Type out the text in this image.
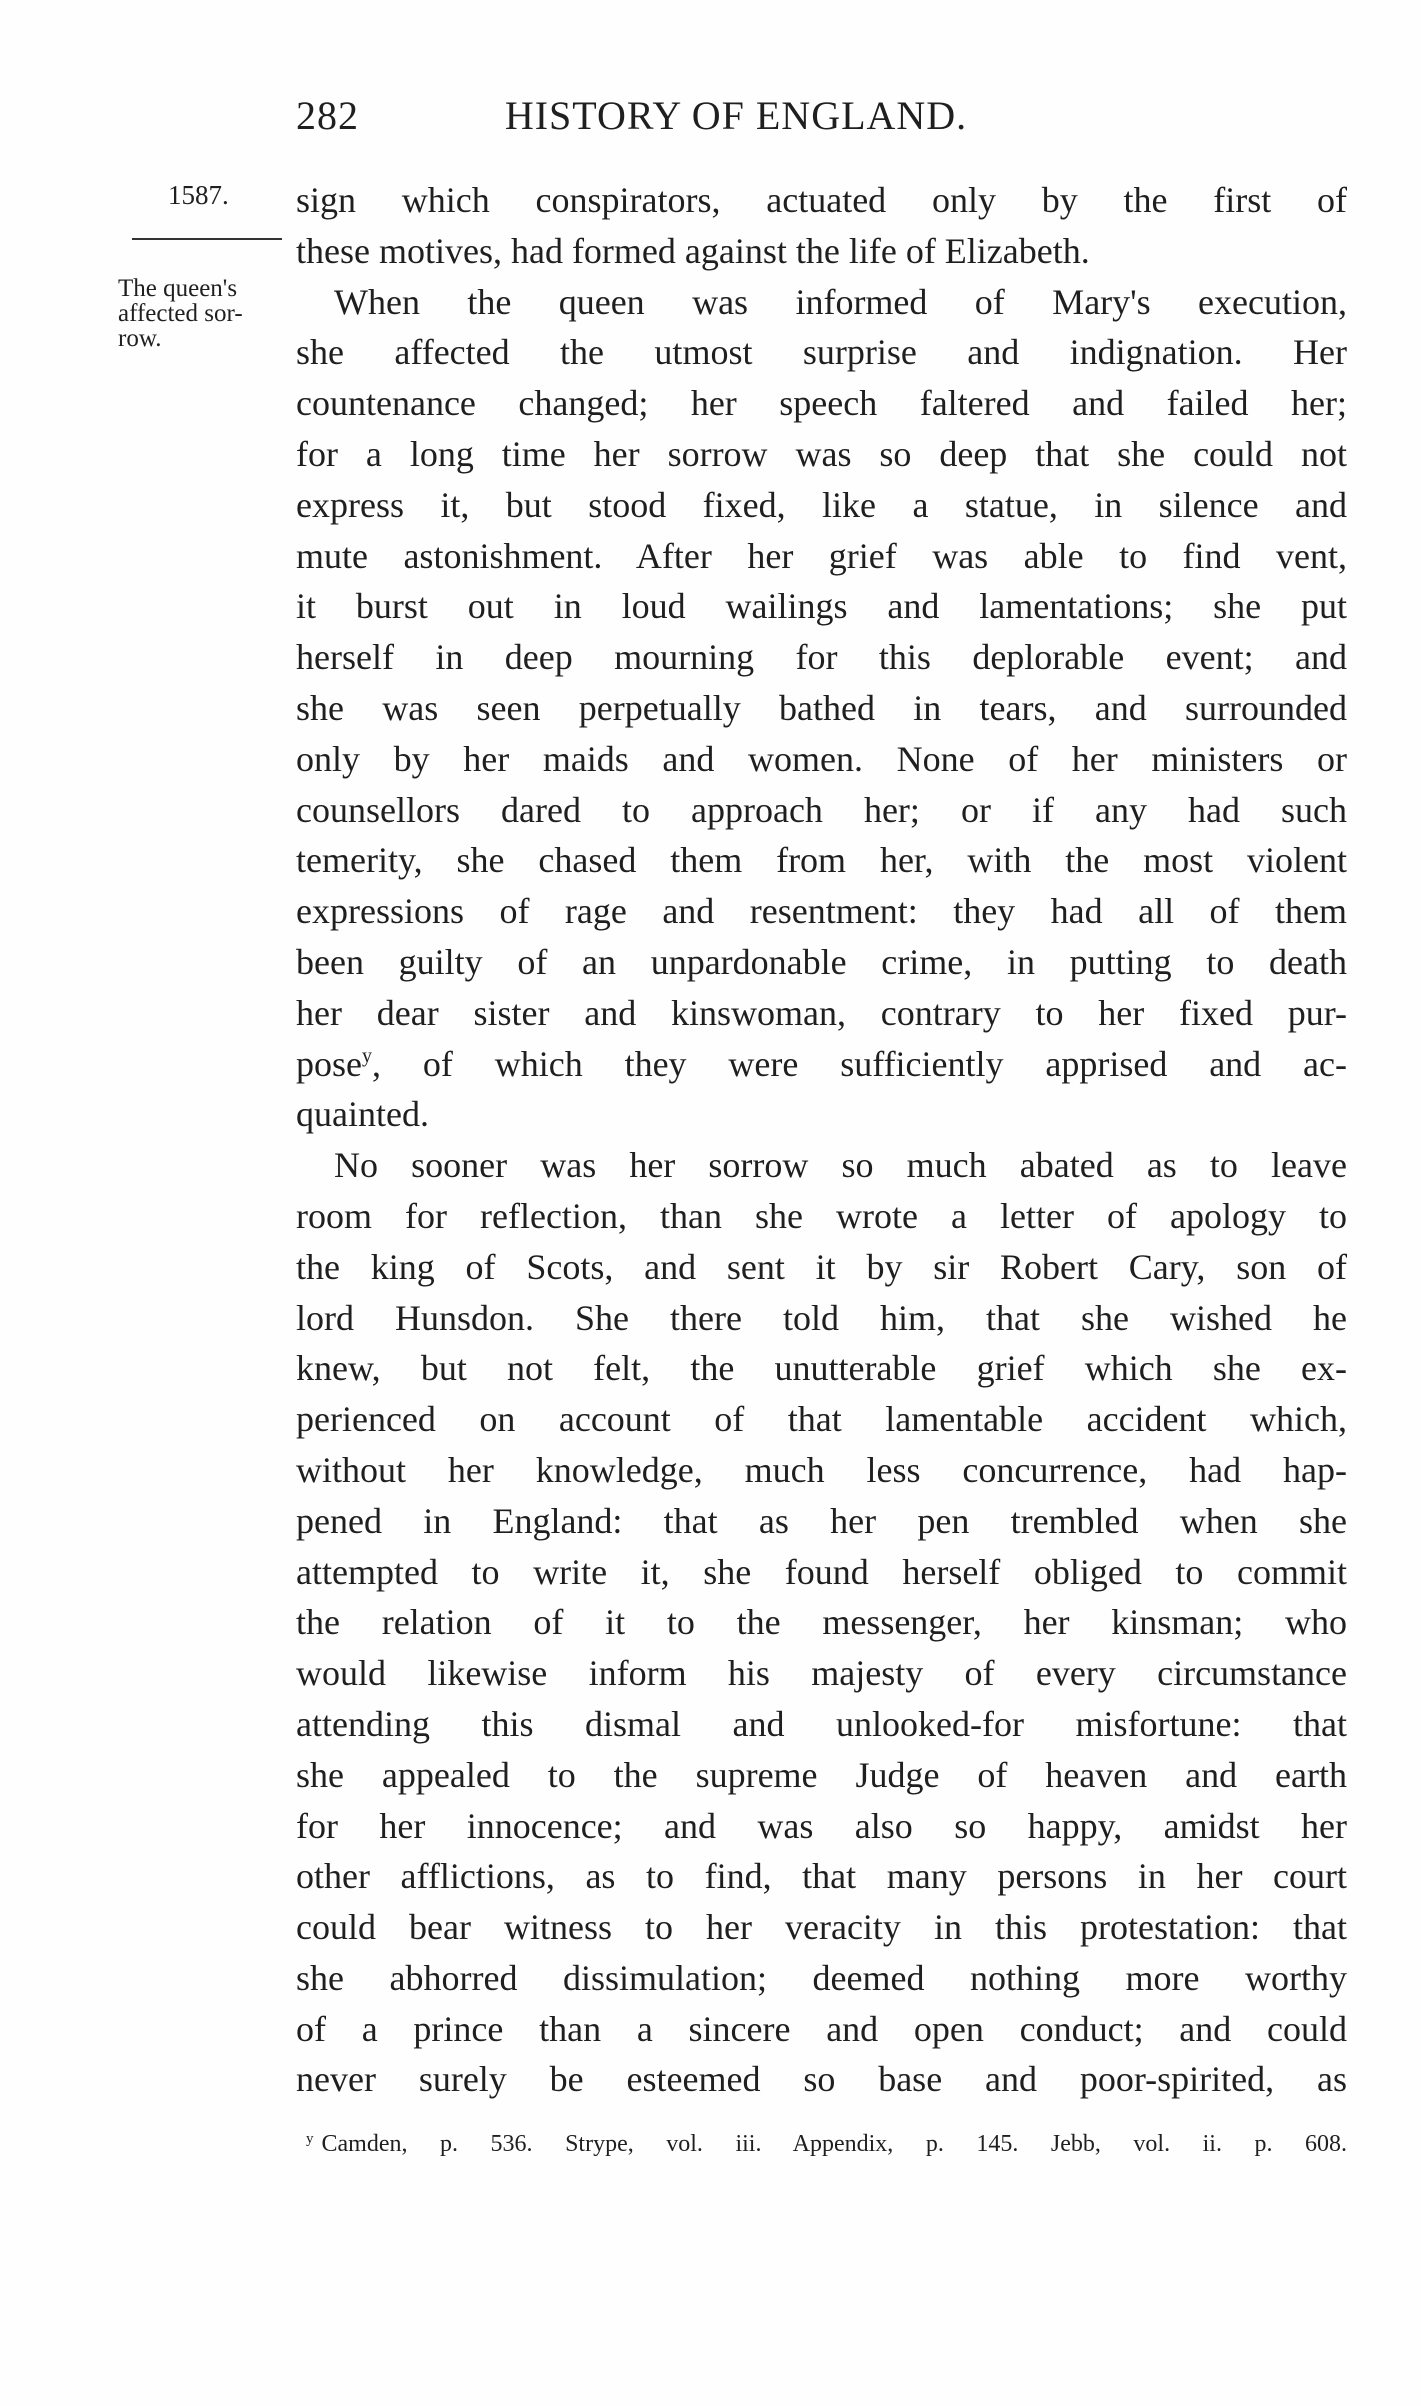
282	HISTORY OF ENGLAND.
1587.
The queen's
affected sor-
row.
sign which conspirators, actuated only by the first of
these motives, had formed against the life of Elizabeth.
When the queen was informed of Mary's execution,
she affected the utmost surprise and indignation. Her
countenance changed; her speech faltered and failed her;
for a long time her sorrow was so deep that she could not
express it, but stood fixed, like a statue, in silence and
mute astonishment. After her grief was able to find vent,
it burst out in loud wailings and lamentations; she put
herself in deep mourning for this deplorable event; and
she was seen perpetually bathed in tears, and surrounded
only by her maids and women. None of her ministers or
counsellors dared to approach her; or if any had such
temerity, she chased them from her, with the most violent
expressions of rage and resentment: they had all of them
been guilty of an unpardonable crime, in putting to death
her dear sister and kinswoman, contrary to her fixed pur-
pose$^y$, of which they were sufficiently apprised and ac-
quainted.
No sooner was her sorrow so much abated as to leave
room for reflection, than she wrote a letter of apology to
the king of Scots, and sent it by sir Robert Cary, son of
lord Hunsdon. She there told him, that she wished he
knew, but not felt, the unutterable grief which she ex-
perienced on account of that lamentable accident which,
without her knowledge, much less concurrence, had hap-
pened in England: that as her pen trembled when she
attempted to write it, she found herself obliged to commit
the relation of it to the messenger, her kinsman; who
would likewise inform his majesty of every circumstance
attending this dismal and unlooked-for misfortune: that
she appealed to the supreme Judge of heaven and earth
for her innocence; and was also so happy, amidst her
other afflictions, as to find, that many persons in her court
could bear witness to her veracity in this protestation: that
she abhorred dissimulation; deemed nothing more worthy
of a prince than a sincere and open conduct; and could
never surely be esteemed so base and poor-spirited, as
$^y$ Camden, p. 536. Strype, vol. iii. Appendix, p. 145. Jebb, vol. ii. p. 608.
